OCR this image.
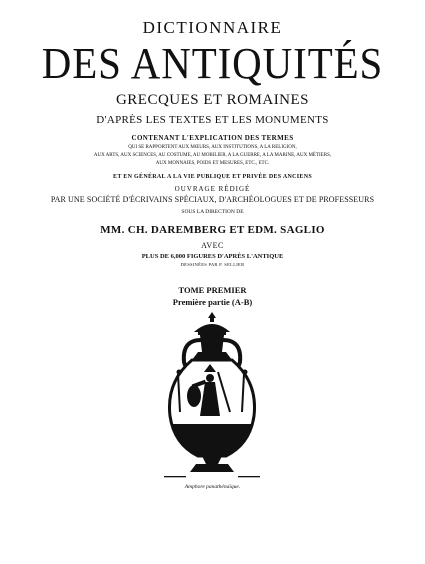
DICTIONNAIRE
DES ANTIQUITÉS
GRECQUES ET ROMAINES
D'APRÈS LES TEXTES ET LES MONUMENTS
CONTENANT L'EXPLICATION DES TERMES
QUI SE RAPPORTENT AUX MŒURS, AUX INSTITUTIONS, A LA RELIGION,
AUX ARTS, AUX SCIENCES, AU COSTUME, AU MOBILIER, A LA GUERRE, A LA MARINE, AUX MÉTIERS,
AUX MONNAIES, POIDS ET MESURES, ETC., ETC.
ET EN GÉNÉRAL A LA VIE PUBLIQUE ET PRIVÉE DES ANCIENS
OUVRAGE RÉDIGÉ
PAR UNE SOCIÉTÉ D'ÉCRIVAINS SPÉCIAUX, D'ARCHÉOLOGUES ET DE PROFESSEURS
SOUS LA DIRECTION DE
MM. CH. DAREMBERG ET EDM. SAGLIO
AVEC
PLUS DE 6,000 FIGURES D'APRÈS L'ANTIQUE
DESSINÉES PAR P. SELLIER
TOME PREMIER
Première partie (A-B)
Amphore panathénaïque.
